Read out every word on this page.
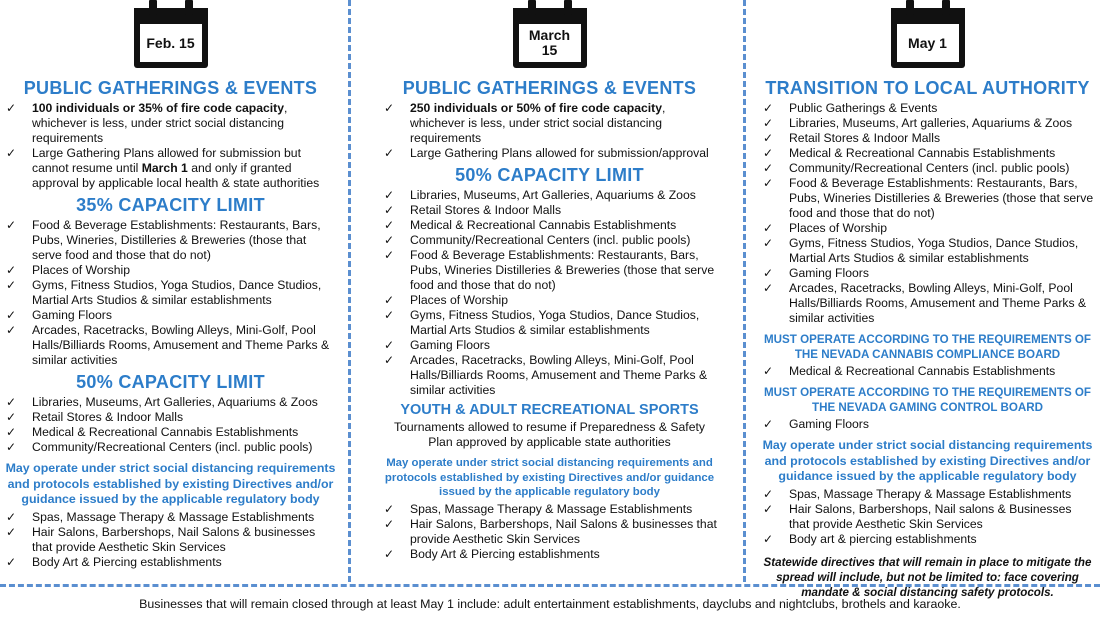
Feb. 15
PUBLIC GATHERINGS & EVENTS
✓ 100 individuals or 35% of fire code capacity, whichever is less, under strict social distancing requirements
✓ Large Gathering Plans allowed for submission but cannot resume until March 1 and only if granted approval by applicable local health & state authorities
35% CAPACITY LIMIT
✓ Food & Beverage Establishments: Restaurants, Bars, Pubs, Wineries, Distilleries & Breweries (those that serve food and those that do not)
✓ Places of Worship
✓ Gyms, Fitness Studios, Yoga Studios, Dance Studios, Martial Arts Studios & similar establishments
✓ Gaming Floors
✓ Arcades, Racetracks, Bowling Alleys, Mini-Golf, Pool Halls/Billiards Rooms, Amusement and Theme Parks & similar activities
50% CAPACITY LIMIT
✓ Libraries, Museums, Art Galleries, Aquariums & Zoos
✓ Retail Stores & Indoor Malls
✓ Medical & Recreational Cannabis Establishments
✓ Community/Recreational Centers (incl. public pools)
May operate under strict social distancing requirements and protocols established by existing Directives and/or guidance issued by the applicable regulatory body
✓ Spas, Massage Therapy & Massage Establishments
✓ Hair Salons, Barbershops, Nail Salons & businesses that provide Aesthetic Skin Services
✓ Body Art & Piercing establishments
March
15
PUBLIC GATHERINGS & EVENTS
✓ 250 individuals or 50% of fire code capacity, whichever is less, under strict social distancing requirements
✓ Large Gathering Plans allowed for submission/approval
50% CAPACITY LIMIT
✓ Libraries, Museums, Art Galleries, Aquariums & Zoos
✓ Retail Stores & Indoor Malls
✓ Medical & Recreational Cannabis Establishments
✓ Community/Recreational Centers (incl. public pools)
✓ Food & Beverage Establishments: Restaurants, Bars, Pubs, Wineries Distilleries & Breweries (those that serve food and those that do not)
✓ Places of Worship
✓ Gyms, Fitness Studios, Yoga Studios, Dance Studios, Martial Arts Studios & similar establishments
✓ Gaming Floors
✓ Arcades, Racetracks, Bowling Alleys, Mini-Golf, Pool Halls/Billiards Rooms, Amusement and Theme Parks & similar activities
YOUTH & ADULT RECREATIONAL SPORTS
Tournaments allowed to resume if Preparedness & Safety Plan approved by applicable state authorities
May operate under strict social distancing requirements and protocols established by existing Directives and/or guidance issued by the applicable regulatory body
✓ Spas, Massage Therapy & Massage Establishments
✓ Hair Salons, Barbershops, Nail Salons & businesses that provide Aesthetic Skin Services
✓ Body Art & Piercing establishments
May 1
TRANSITION TO LOCAL AUTHORITY
✓ Public Gatherings & Events
✓ Libraries, Museums, Art galleries, Aquariums & Zoos
✓ Retail Stores & Indoor Malls
✓ Medical & Recreational Cannabis Establishments
✓ Community/Recreational Centers (incl. public pools)
✓ Food & Beverage Establishments: Restaurants, Bars, Pubs, Wineries Distilleries & Breweries (those that serve food and those that do not)
✓ Places of Worship
✓ Gyms, Fitness Studios, Yoga Studios, Dance Studios, Martial Arts Studios & similar establishments
✓ Gaming Floors
✓ Arcades, Racetracks, Bowling Alleys, Mini-Golf, Pool Halls/Billiards Rooms, Amusement and Theme Parks & similar activities
MUST OPERATE ACCORDING TO THE REQUIREMENTS OF THE NEVADA CANNABIS COMPLIANCE BOARD
✓ Medical & Recreational Cannabis Establishments
MUST OPERATE ACCORDING TO THE REQUIREMENTS OF THE NEVADA GAMING CONTROL BOARD
✓ Gaming Floors
May operate under strict social distancing requirements and protocols established by existing Directives and/or guidance issued by the applicable regulatory body
✓ Spas, Massage Therapy & Massage Establishments
✓ Hair Salons, Barbershops, Nail salons & Businesses that provide Aesthetic Skin Services
✓ Body art & piercing establishments
Statewide directives that will remain in place to mitigate the spread will include, but not be limited to: face covering mandate & social distancing safety protocols.
Businesses that will remain closed through at least May 1 include: adult entertainment establishments, dayclubs and nightclubs, brothels and karaoke.
